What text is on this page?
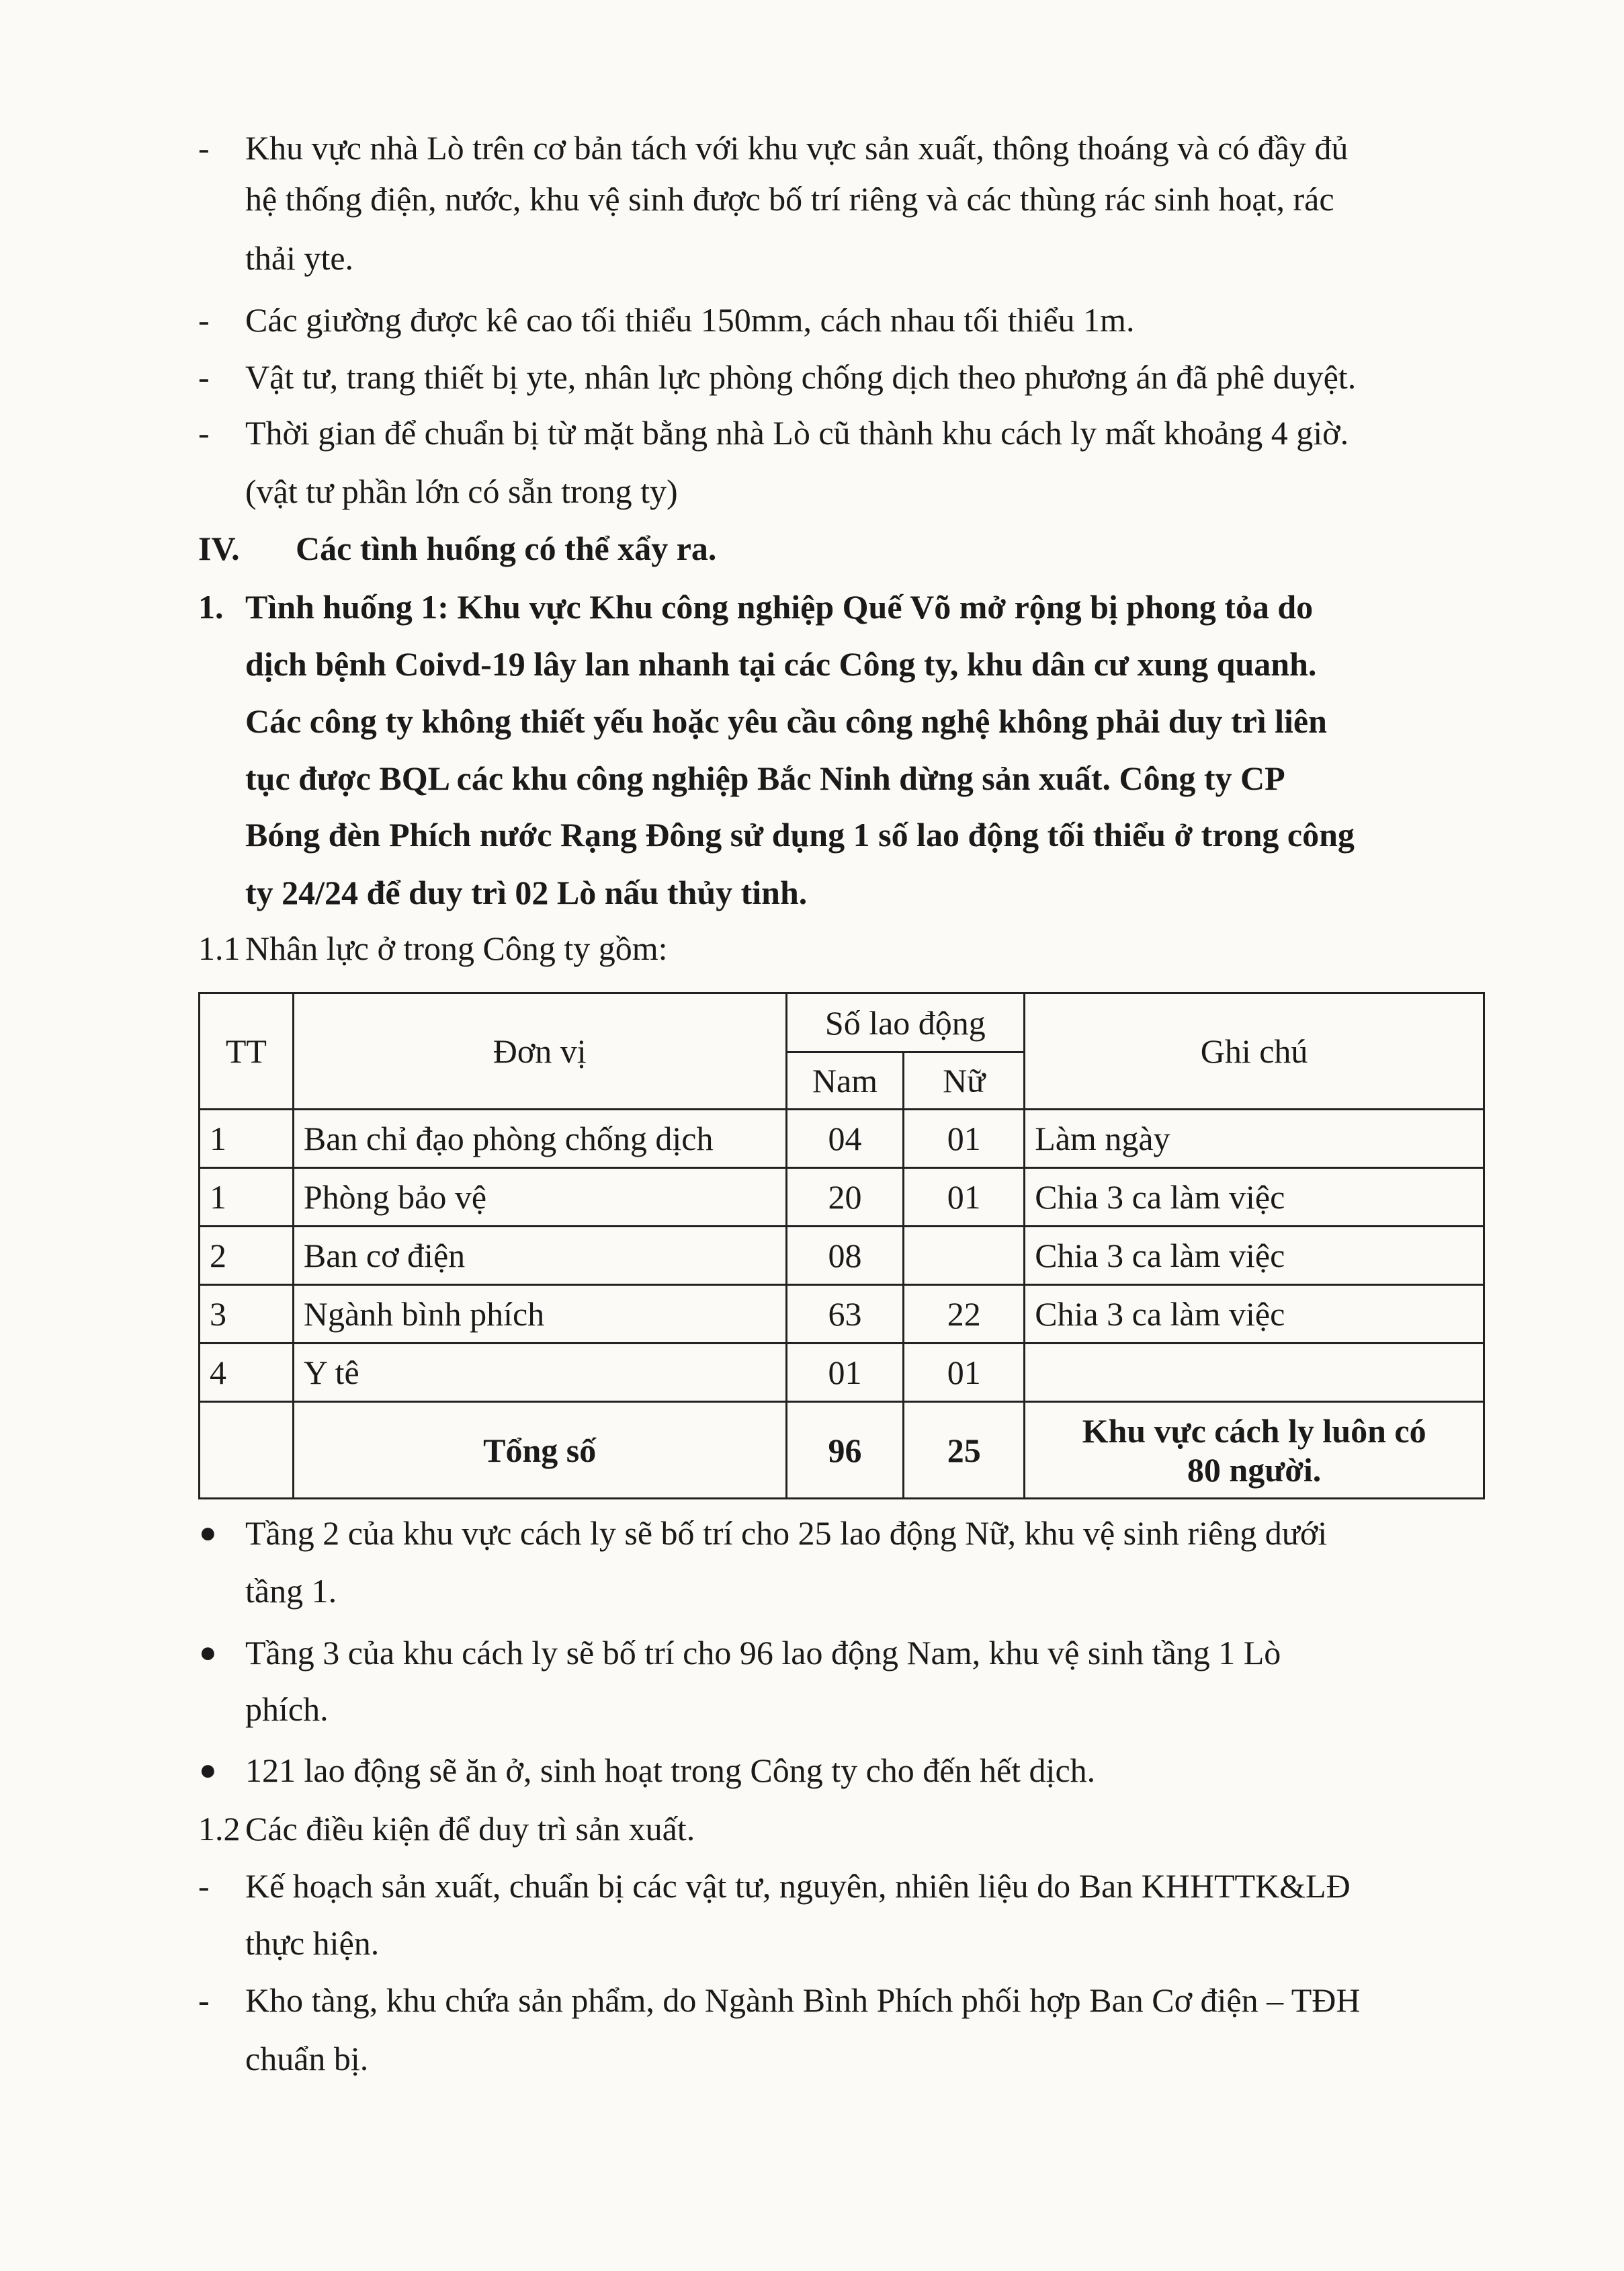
- Khu vực nhà Lò trên cơ bản tách với khu vực sản xuất, thông thoáng và có đầy đủ
hệ thống điện, nước, khu vệ sinh được bố trí riêng và các thùng rác sinh hoạt, rác
thải yte.
- Các giường được kê cao tối thiểu 150mm, cách nhau tối thiểu 1m.
- Vật tư, trang thiết bị yte, nhân lực phòng chống dịch theo phương án đã phê duyệt.
- Thời gian để chuẩn bị từ mặt bằng nhà Lò cũ thành khu cách ly mất khoảng 4 giờ.
(vật tư phần lớn có sẵn trong ty)
IV. Các tình huống có thể xẩy ra.
1. Tình huống 1: Khu vực Khu công nghiệp Quế Võ mở rộng bị phong tỏa do
dịch bệnh Coivd-19 lây lan nhanh tại các Công ty, khu dân cư xung quanh.
Các công ty không thiết yếu hoặc yêu cầu công nghệ không phải duy trì liên
tục được BQL các khu công nghiệp Bắc Ninh dừng sản xuất. Công ty CP
Bóng đèn Phích nước Rạng Đông sử dụng 1 số lao động tối thiểu ở trong công
ty 24/24 để duy trì 02 Lò nấu thủy tinh.
1.1 Nhân lực ở trong Công ty gồm:
TT	Đơn vị	Số lao động		Ghi chú
		Nam	Nữ	
1	Ban chỉ đạo phòng chống dịch	04	01	Làm ngày
1	Phòng bảo vệ	20	01	Chia 3 ca làm việc
2	Ban cơ điện	08		Chia 3 ca làm việc
3	Ngành bình phích	63	22	Chia 3 ca làm việc
4	Y tê	01	01	
	Tổng số	96	25	Khu vực cách ly luôn có
80 người.
● Tầng 2 của khu vực cách ly sẽ bố trí cho 25 lao động Nữ, khu vệ sinh riêng dưới
tầng 1.
● Tầng 3 của khu cách ly sẽ bố trí cho 96 lao động Nam, khu vệ sinh tầng 1 Lò
phích.
● 121 lao động sẽ ăn ở, sinh hoạt trong Công ty cho đến hết dịch.
1.2 Các điều kiện để duy trì sản xuất.
- Kế hoạch sản xuất, chuẩn bị các vật tư, nguyên, nhiên liệu do Ban KHHTTK&LĐ
thực hiện.
- Kho tàng, khu chứa sản phẩm, do Ngành Bình Phích phối hợp Ban Cơ điện – TĐH
chuẩn bị.
